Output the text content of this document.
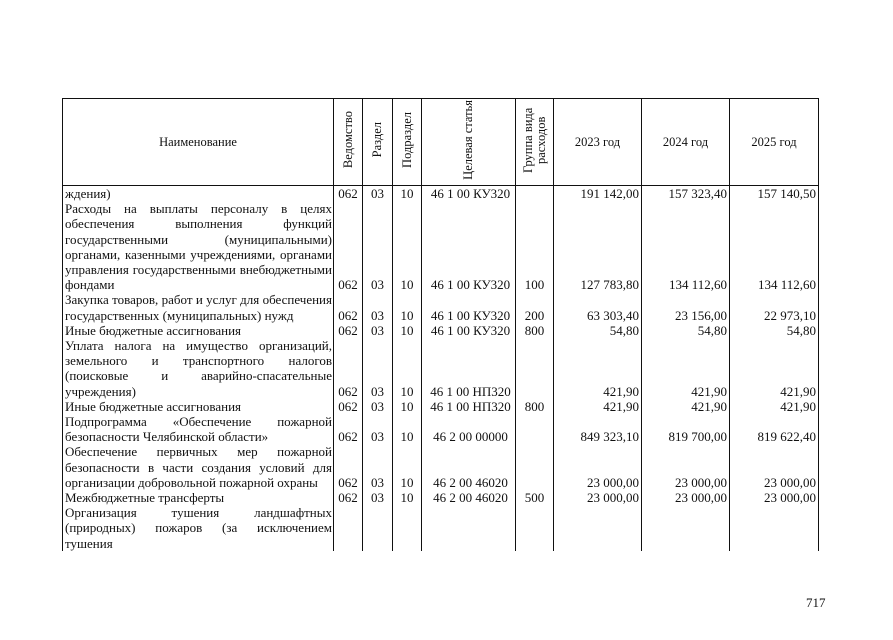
Наименование	Ведомство	Раздел	Подраздел	Целевая статья	Группа вида расходов	2023 год	2024 год	2025 год
ждения)	062	03	10	46 1 00 КУ320		191 142,00	157 323,40	157 140,50
Расходы на выплаты персоналу в целях обеспечения выполнения функций государственными (муниципальными) органами, казенными учреждениями, органами управления государственными внебюджетными фондами	062	03	10	46 1 00 КУ320	100	127 783,80	134 112,60	134 112,60
Закупка товаров, работ и услуг для обеспечения государственных (муниципальных) нужд	062	03	10	46 1 00 КУ320	200	63 303,40	23 156,00	22 973,10
Иные бюджетные ассигнования	062	03	10	46 1 00 КУ320	800	54,80	54,80	54,80
Уплата налога на имущество организаций, земельного и транспортного налогов (поисковые и аварийно-спасательные учреждения)	062	03	10	46 1 00 НП320		421,90	421,90	421,90
Иные бюджетные ассигнования	062	03	10	46 1 00 НП320	800	421,90	421,90	421,90
Подпрограмма «Обеспечение пожарной безопасности Челябинской области»	062	03	10	46 2 00 00000		849 323,10	819 700,00	819 622,40
Обеспечение первичных мер пожарной безопасности в части создания условий для организации добровольной пожарной охраны	062	03	10	46 2 00 46020		23 000,00	23 000,00	23 000,00
Межбюджетные трансферты	062	03	10	46 2 00 46020	500	23 000,00	23 000,00	23 000,00
Организация тушения ландшафтных (природных) пожаров (за исключением тушения								
717
